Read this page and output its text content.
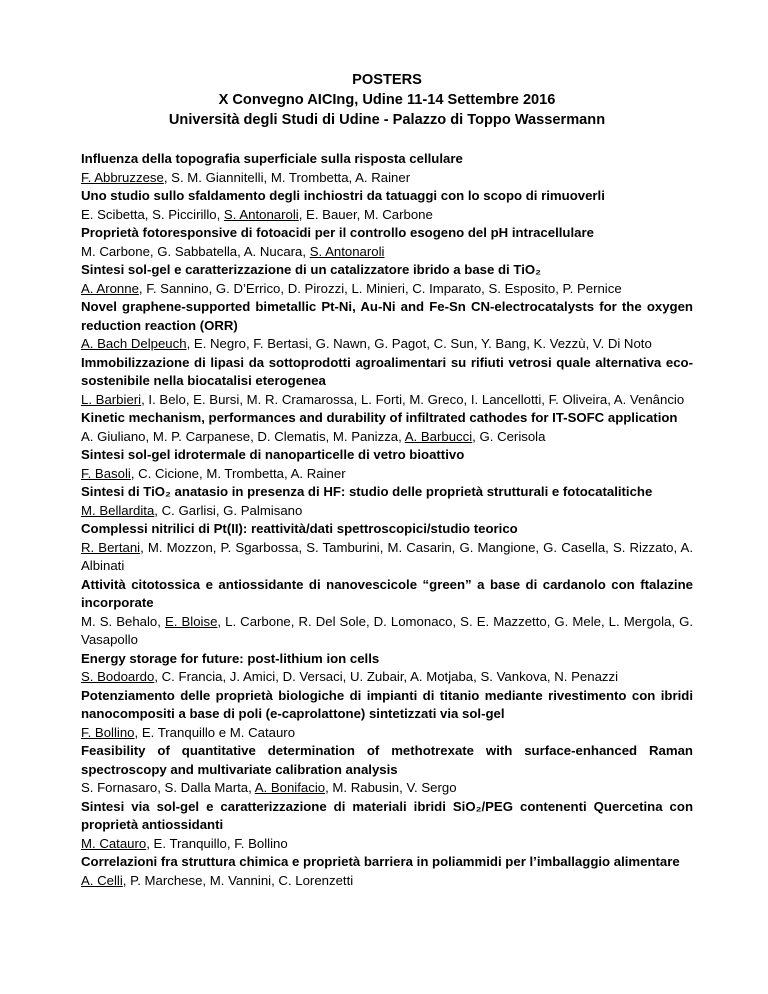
POSTERS
X Convegno AICIng, Udine 11-14 Settembre 2016
Università degli Studi di Udine - Palazzo di Toppo Wassermann
Influenza della topografia superficiale sulla risposta cellulare
F. Abbruzzese, S. M. Giannitelli, M. Trombetta, A. Rainer
Uno studio sullo sfaldamento degli inchiostri da tatuaggi con lo scopo di rimuoverli
E. Scibetta, S. Piccirillo, S. Antonaroli, E. Bauer, M. Carbone
Proprietà fotoresponsive di fotoacidi per il controllo esogeno del pH intracellulare
M. Carbone, G. Sabbatella, A. Nucara, S. Antonaroli
Sintesi sol-gel e caratterizzazione di un catalizzatore ibrido a base di TiO₂
A. Aronne, F. Sannino, G. D’Errico, D. Pirozzi, L. Minieri, C. Imparato, S. Esposito, P. Pernice
Novel graphene-supported bimetallic Pt-Ni, Au-Ni and Fe-Sn CN-electrocatalysts for the oxygen reduction reaction (ORR)
A. Bach Delpeuch, E. Negro, F. Bertasi, G. Nawn, G. Pagot, C. Sun, Y. Bang, K. Vezzù, V. Di Noto
Immobilizzazione di lipasi da sottoprodotti agroalimentari su rifiuti vetrosi quale alternativa eco-sostenibile nella biocatalisi eterogenea
L. Barbieri, I. Belo, E. Bursi, M. R. Cramarossa, L. Forti, M. Greco, I. Lancellotti, F. Oliveira, A. Venâncio
Kinetic mechanism, performances and durability of infiltrated cathodes for IT-SOFC application
A. Giuliano, M. P. Carpanese, D. Clematis, M. Panizza, A. Barbucci, G. Cerisola
Sintesi sol-gel idrotermale di nanoparticelle di vetro bioattivo
F. Basoli, C. Cicione, M. Trombetta, A. Rainer
Sintesi di TiO₂ anatasio in presenza di HF: studio delle proprietà strutturali e fotocatalitiche
M. Bellardita, C. Garlisi, G. Palmisano
Complessi nitrilici di Pt(II): reattività/dati spettroscopici/studio teorico
R. Bertani, M. Mozzon, P. Sgarbossa, S. Tamburini, M. Casarin, G. Mangione, G. Casella, S. Rizzato, A. Albinati
Attività citotossica e antiossidante di nanovescicole “green” a base di cardanolo con ftalazine incorporate
M. S. Behalo, E. Bloise, L. Carbone, R. Del Sole, D. Lomonaco, S. E. Mazzetto, G. Mele, L. Mergola, G. Vasapollo
Energy storage for future: post-lithium ion cells
S. Bodoardo, C. Francia, J. Amici, D. Versaci, U. Zubair, A. Motjaba, S. Vankova, N. Penazzi
Potenziamento delle proprietà biologiche di impianti di titanio mediante rivestimento con ibridi nanocompositi a base di poli (e-caprolattone) sintetizzati via sol-gel
F. Bollino, E. Tranquillo e M. Catauro
Feasibility of quantitative determination of methotrexate with surface-enhanced Raman spectroscopy and multivariate calibration analysis
S. Fornasaro, S. Dalla Marta, A. Bonifacio, M. Rabusin, V. Sergo
Sintesi via sol-gel e caratterizzazione di materiali ibridi SiO₂/PEG contenenti Quercetina con proprietà antiossidanti
M. Catauro, E. Tranquillo, F. Bollino
Correlazioni fra struttura chimica e proprietà barriera in poliammidi per l’imballaggio alimentare
A. Celli, P. Marchese, M. Vannini, C. Lorenzetti
